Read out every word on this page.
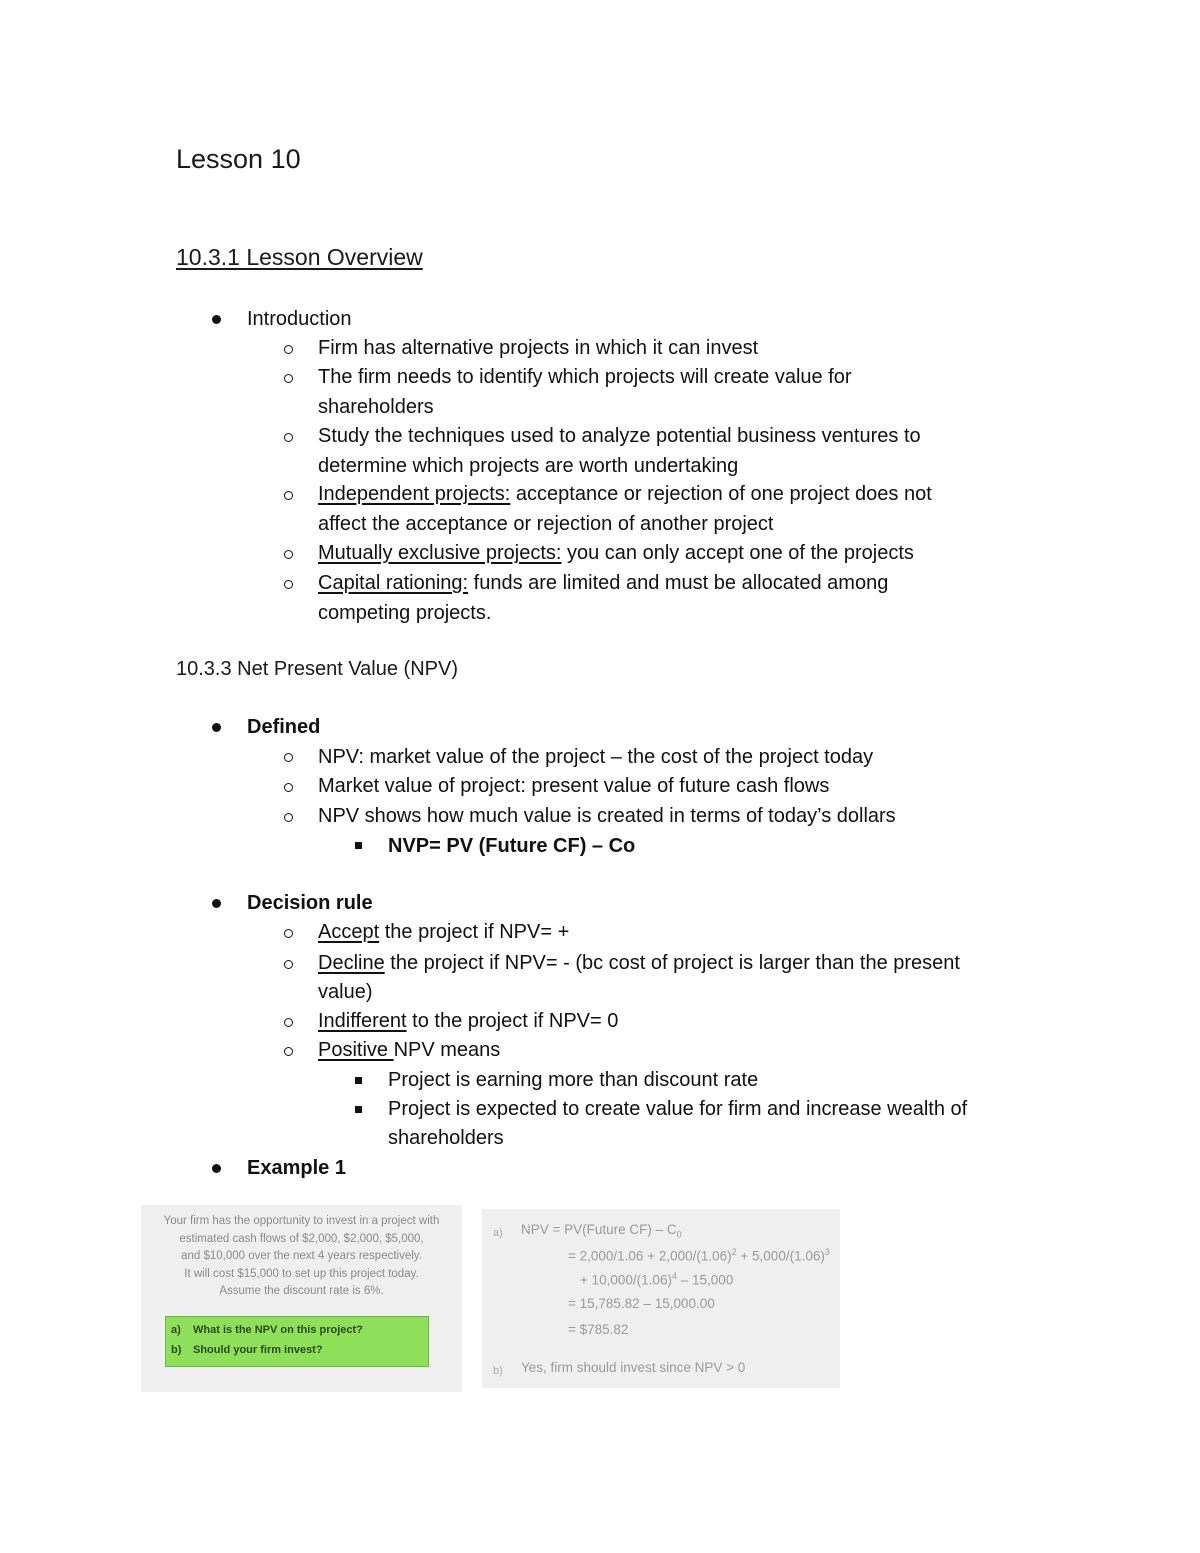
Lesson 10
10.3.1 Lesson Overview
Introduction
Firm has alternative projects in which it can invest
The firm needs to identify which projects will create value for
shareholders
Study the techniques used to analyze potential business ventures to
determine which projects are worth undertaking
Independent projects: acceptance or rejection of one project does not
affect the acceptance or rejection of another project
Mutually exclusive projects: you can only accept one of the projects
Capital rationing: funds are limited and must be allocated among
competing projects.
10.3.3 Net Present Value (NPV)
Defined
NPV: market value of the project – the cost of the project today
Market value of project: present value of future cash flows
NPV shows how much value is created in terms of today’s dollars
NVP= PV (Future CF) – Co
Decision rule
Accept the project if NPV= +
Decline the project if NPV= - (bc cost of project is larger than the present
value)
Indifferent to the project if NPV= 0
Positive NPV means
Project is earning more than discount rate
Project is expected to create value for firm and increase wealth of
shareholders
Example 1
Your firm has the opportunity to invest in a project with
estimated cash flows of $2,000, $2,000, $5,000,
and $10,000 over the next 4 years respectively.
It will cost $15,000 to set up this project today.
Assume the discount rate is 6%.
a) What is the NPV on this project?
b) Should your firm invest?
a) NPV = PV(Future $CF) - C_0$
= $2,000/1.06 + 2,000/(1.06)^2 + 5,000/(1.06)^3$
+ $10,000/(1.06)^4 - 15,000$
= 15,785.82 – 15,000.00
= $785.82
b) Yes, firm should invest since NPV > 0
